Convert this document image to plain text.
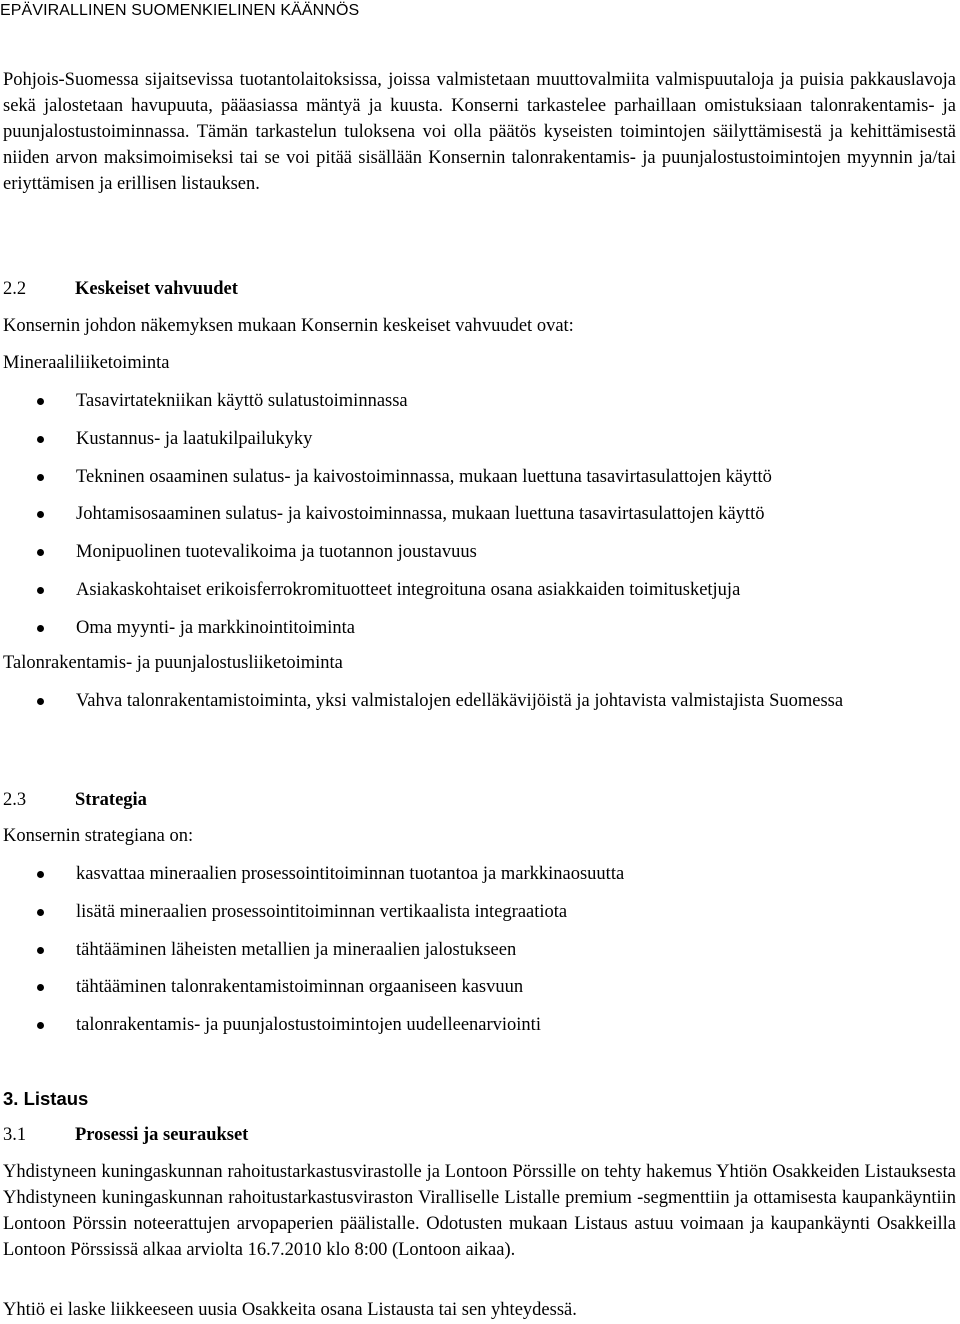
EPÄVIRALLINEN SUOMENKIELINEN KÄÄNNÖS

Pohjois-Suomessa sijaitsevissa tuotantolaitoksissa, joissa valmistetaan muuttovalmiita valmispuutaloja ja puisia pakkauslavoja sekä jalostetaan havupuuta, pääasiassa mäntyä ja kuusta. Konserni tarkastelee parhaillaan omistuksiaan talonrakentamis- ja puunjalostustoiminnassa. Tämän tarkastelun tuloksena voi olla päätös kyseisten toimintojen säilyttämisestä ja kehittämisestä niiden arvon maksimoimiseksi tai se voi pitää sisällään Konsernin talonrakentamis- ja puunjalostustoimintojen myynnin ja/tai eriyttämisen ja erillisen listauksen.

2.2	Keskeiset vahvuudet
Konsernin johdon näkemyksen mukaan Konsernin keskeiset vahvuudet ovat:
Mineraaliliiketoiminta
Tasavirtatekniikan käyttö sulatustoiminnassa
Kustannus- ja laatukilpailukyky
Tekninen osaaminen sulatus- ja kaivostoiminnassa, mukaan luettuna tasavirtasulattojen käyttö
Johtamisosaaminen sulatus- ja kaivostoiminnassa, mukaan luettuna tasavirtasulattojen käyttö
Monipuolinen tuotevalikoima ja tuotannon joustavuus
Asiakaskohtaiset erikoisferrokromituotteet integroituna osana asiakkaiden toimitusketjuja
Oma myynti- ja markkinointitoiminta
Talonrakentamis- ja puunjalostusliiketoiminta
Vahva talonrakentamistoiminta, yksi valmistalojen edelläkävijöistä ja johtavista valmistajista Suomessa
2.3	Strategia
Konsernin strategiana on:
kasvattaa mineraalien prosessointitoiminnan tuotantoa ja markkinaosuutta
lisätä mineraalien prosessointitoiminnan vertikaalista integraatiota
tähtääminen läheisten metallien ja mineraalien jalostukseen
tähtääminen talonrakentamistoiminnan orgaaniseen kasvuun
talonrakentamis- ja puunjalostustoimintojen uudelleenarviointi
3. Listaus
3.1	Prosessi ja seuraukset

Yhdistyneen kuningaskunnan rahoitustarkastusvirastolle ja Lontoon Pörssille on tehty hakemus Yhtiön Osakkeiden Listauksesta Yhdistyneen kuningaskunnan rahoitustarkastusviraston Viralliselle Listalle premium -segmenttiin ja ottamisesta kaupankäyntiin Lontoon Pörssin noteerattujen arvopaperien päälistalle. Odotusten mukaan Listaus astuu voimaan ja kaupankäynti Osakkeilla Lontoon Pörssissä alkaa arviolta 16.7.2010 klo 8:00 (Lontoon aikaa).

Yhtiö ei laske liikkeeseen uusia Osakkeita osana Listausta tai sen yhteydessä.
